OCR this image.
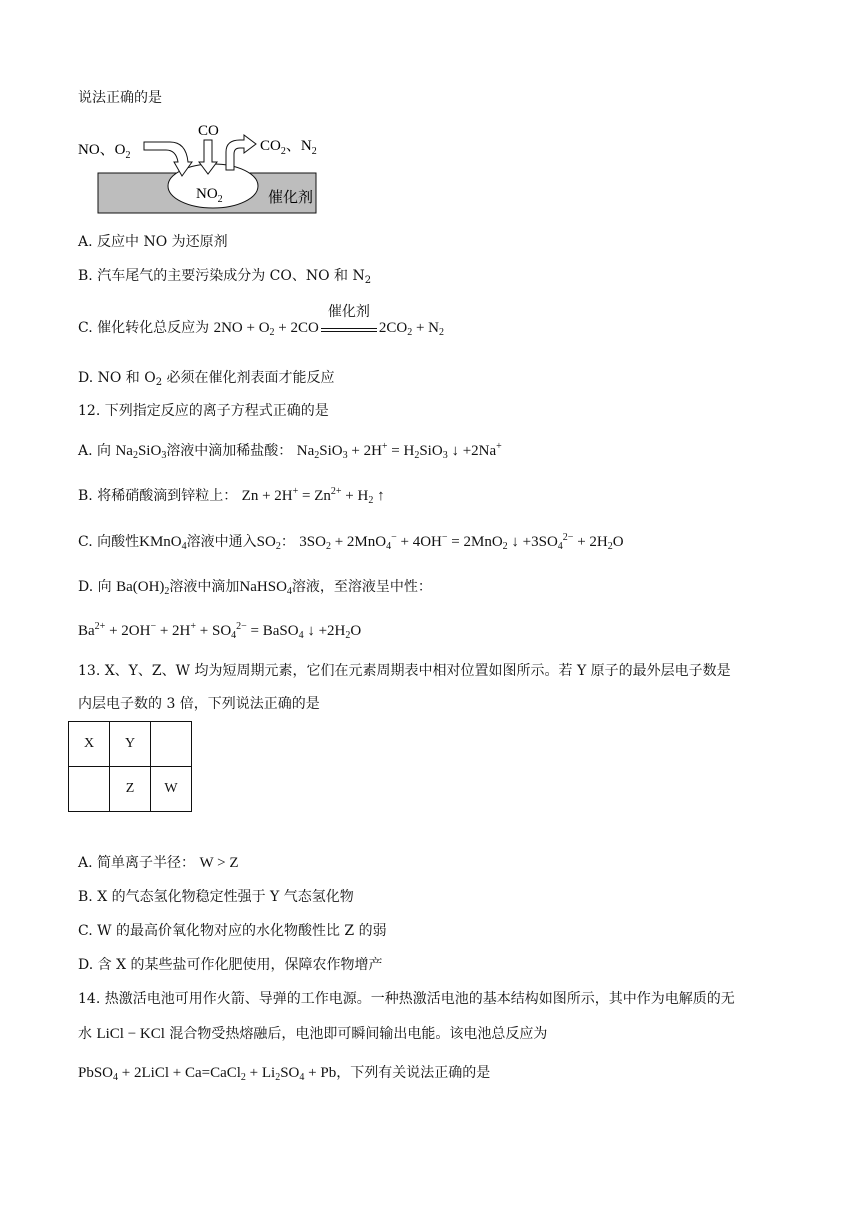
说法正确的是
NO、$O_2$
CO
$NO_2$
$CO_2$、$N_2$
催化剂
A. 反应中 NO 为还原剂
B. 汽车尾气的主要污染成分为 CO、NO 和 $N_2$
C. 催化转化总反应为 $2NO + O_2 + 2CO$
催化剂
$2CO_2 + N_2$
D. NO 和 $O_2$ 必须在催化剂表面才能反应
12. 下列指定反应的离子方程式正确的是
A. 向 $Na_2SiO_3$溶液中滴加稀盐酸： $Na_2SiO_3 + 2H^+ = H_2SiO_3$ ↓ +2Na+
B. 将稀硝酸滴到锌粒上： $Zn + 2H^+ = Zn^{2+} + H_2$ ↑
C. 向酸性KMnO$_4$溶液中通入$SO_2$： $3SO_2 + 2MnO_4^- + 4OH^- = 2MnO_2$ ↓ $+3SO_4^{2-} + 2H_2O$
D. 向 $Ba(OH)_2$溶液中滴加NaHSO$_4$溶液，至溶液呈中性：
$Ba^{2+} + 2OH^- + 2H^+ + SO_4^{2-}$ = BaSO$_4$ ↓ $+2H_2O$
13. X、Y、Z、W 均为短周期元素，它们在元素周期表中相对位置如图所示。若 Y 原子的最外层电子数是
内层电子数的 3 倍，下列说法正确的是
X	Y	
	Z	W
A. 简单离子半径： W > Z
B. X 的气态氢化物稳定性强于 Y 气态氢化物
C. W 的最高价氧化物对应的水化物酸性比 Z 的弱
D. 含 X 的某些盐可作化肥使用，保障农作物增产
14. 热激活电池可用作火箭、导弹的工作电源。一种热激活电池的基本结构如图所示，其中作为电解质的无
水 LiCl − KCl 混合物受热熔融后，电池即可瞬间输出电能。该电池总反应为
PbSO$_4$ + 2LiCl + Ca=CaCl$_2$ + $Li_2SO_4 + Pb$，下列有关说法正确的是
